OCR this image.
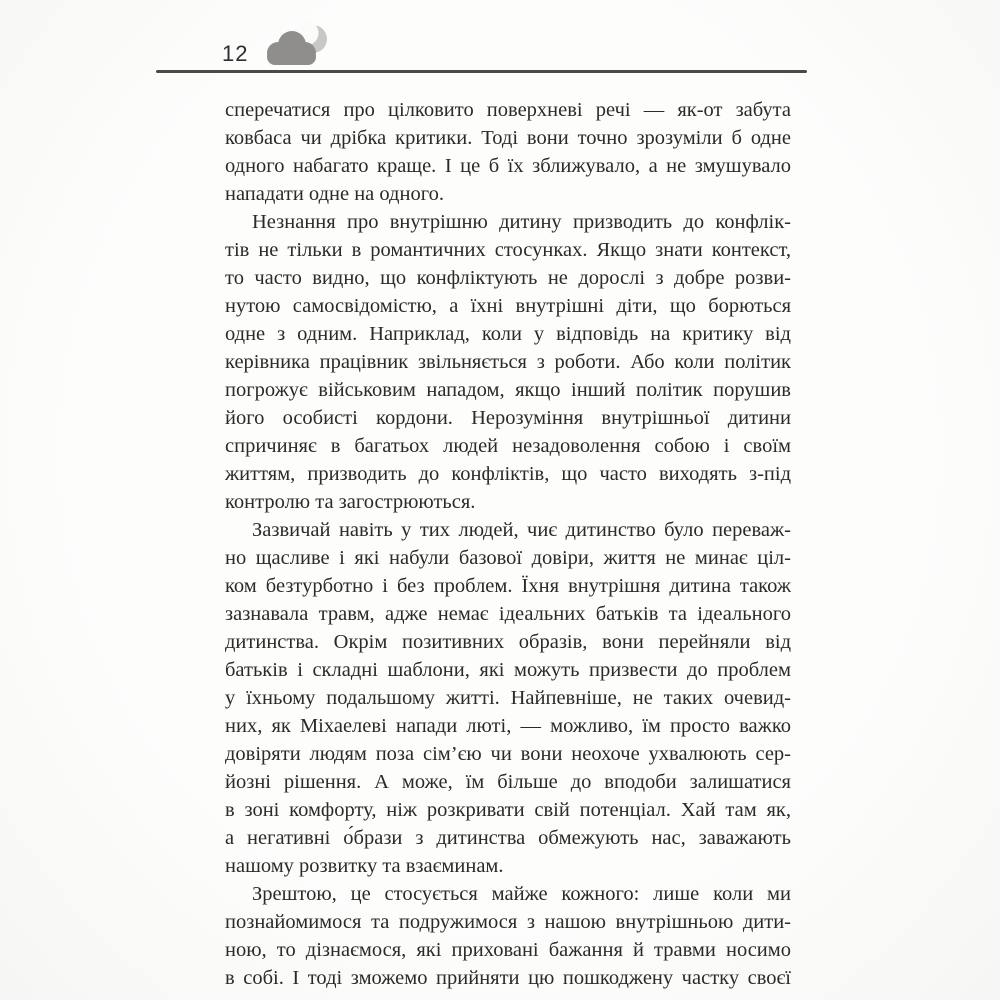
12
сперечатися про цілковито поверхневі речі — як-от забута
ковбаса чи дрібка критики. Тоді вони точно зрозуміли б одне
одного набагато краще. І це б їх зближувало, а не змушувало
нападати одне на одного.
Незнання про внутрішню дитину призводить до конфлік-
тів не тільки в романтичних стосунках. Якщо знати контекст,
то часто видно, що конфліктують не дорослі з добре розви-
нутою самосвідомістю, а їхні внутрішні діти, що борються
одне з одним. Наприклад, коли у відповідь на критику від
керівника працівник звільняється з роботи. Або коли політик
погрожує військовим нападом, якщо інший політик порушив
його особисті кордони. Нерозуміння внутрішньої дитини
спричиняє в багатьох людей незадоволення собою і своїм
життям, призводить до конфліктів, що часто виходять з-під
контролю та загострюються.
Зазвичай навіть у тих людей, чиє дитинство було переваж-
но щасливе і які набули базової довіри, життя не минає ціл-
ком безтурботно і без проблем. Їхня внутрішня дитина також
зазнавала травм, адже немає ідеальних батьків та ідеального
дитинства. Окрім позитивних образів, вони перейняли від
батьків і складні шаблони, які можуть призвести до проблем
у їхньому подальшому житті. Найпевніше, не таких очевид-
них, як Міхаелеві напади люті, — можливо, їм просто важко
довіряти людям поза сім’єю чи вони неохоче ухвалюють сер-
йозні рішення. А може, їм більше до вподоби залишатися
в зоні комфорту, ніж розкривати свій потенціал. Хай там як,
а негативні о́брази з дитинства обмежують нас, заважають
нашому розвитку та взаєминам.
Зрештою, це стосується майже кожного: лише коли ми
познайомимося та подружимося з нашою внутрішньою дити-
ною, то дізнаємося, які приховані бажання й травми носимо
в собі. І тоді зможемо прийняти цю пошкоджену частку своєї
